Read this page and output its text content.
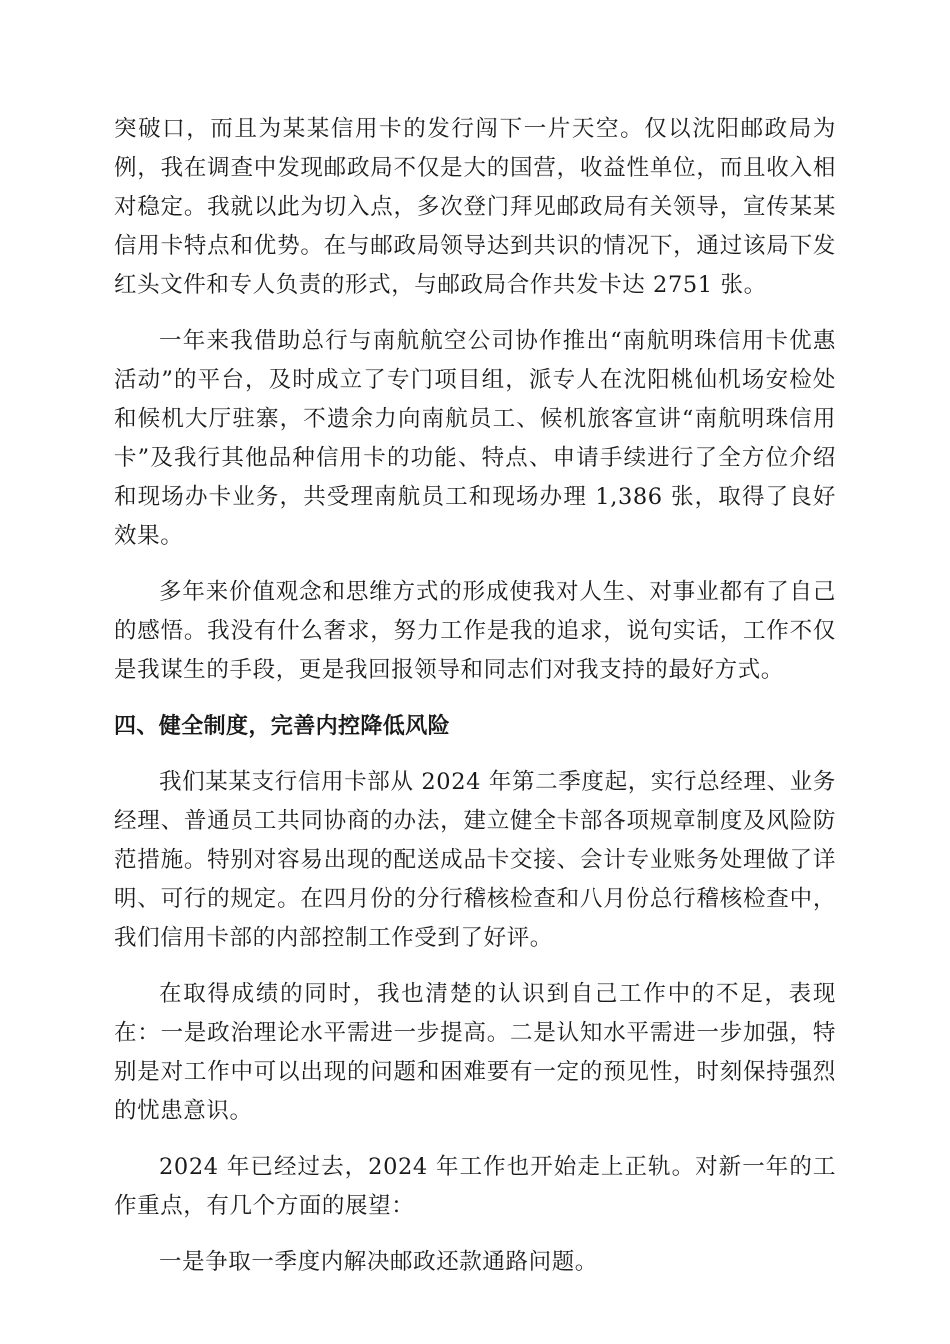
突破口，而且为某某信用卡的发行闯下一片天空。仅以沈阳邮政局为例，我在调查中发现邮政局不仅是大的国营，收益性单位，而且收入相对稳定。我就以此为切入点，多次登门拜见邮政局有关领导，宣传某某信用卡特点和优势。在与邮政局领导达到共识的情况下，通过该局下发红头文件和专人负责的形式，与邮政局合作共发卡达 2751 张。

一年来我借助总行与南航航空公司协作推出“南航明珠信用卡优惠活动”的平台，及时成立了专门项目组，派专人在沈阳桃仙机场安检处和候机大厅驻寨，不遗余力向南航员工、候机旅客宣讲“南航明珠信用卡”及我行其他品种信用卡的功能、特点、申请手续进行了全方位介绍和现场办卡业务，共受理南航员工和现场办理 1,386 张，取得了良好效果。

多年来价值观念和思维方式的形成使我对人生、对事业都有了自己的感悟。我没有什么奢求，努力工作是我的追求，说句实话，工作不仅是我谋生的手段，更是我回报领导和同志们对我支持的最好方式。

四、健全制度，完善内控降低风险

我们某某支行信用卡部从 2024 年第二季度起，实行总经理、业务经理、普通员工共同协商的办法，建立健全卡部各项规章制度及风险防范措施。特别对容易出现的配送成品卡交接、会计专业账务处理做了详明、可行的规定。在四月份的分行稽核检查和八月份总行稽核检查中，我们信用卡部的内部控制工作受到了好评。

在取得成绩的同时，我也清楚的认识到自己工作中的不足，表现在：一是政治理论水平需进一步提高。二是认知水平需进一步加强，特别是对工作中可以出现的问题和困难要有一定的预见性，时刻保持强烈的忧患意识。

2024 年已经过去，2024 年工作也开始走上正轨。对新一年的工作重点，有几个方面的展望：

一是争取一季度内解决邮政还款通路问题。
